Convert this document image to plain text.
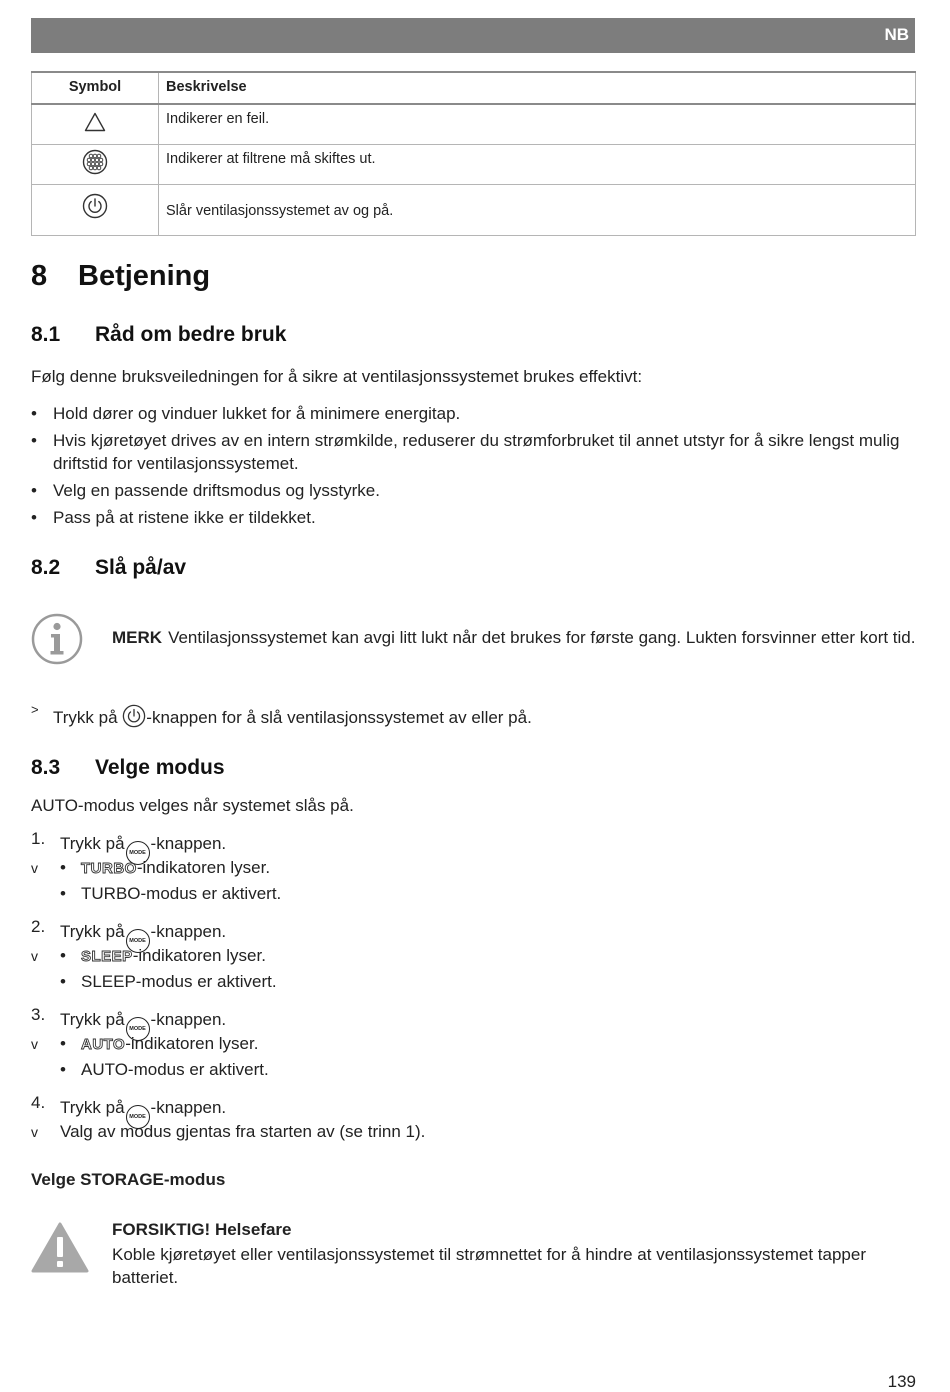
NB
Symbol	Beskrivelse
	Indikerer en feil.
	Indikerer at filtrene må skiftes ut.
	Slår ventilasjonssystemet av og på.
8 Betjening
8.1 Råd om bedre bruk
Følg denne bruksveiledningen for å sikre at ventilasjonssystemet brukes effektivt:
• Hold dører og vinduer lukket for å minimere energitap.
• Hvis kjøretøyet drives av en intern strømkilde, reduserer du strømforbruket til annet utstyr for å sikre lengst mulig driftstid for ventilasjonssystemet.
• Velg en passende driftsmodus og lysstyrke.
• Pass på at ristene ikke er tildekket.
8.2 Slå på/av
MERK Ventilasjonssystemet kan avgi litt lukt når det brukes for første gang. Lukten forsvinner etter kort tid.
> Trykk på -knappen for å slå ventilasjonssystemet av eller på.
8.3 Velge modus
AUTO-modus velges når systemet slås på.
1. Trykk på MODE -knappen.
v • TURBO-indikatoren lyser.
• TURBO-modus er aktivert.
2. Trykk på MODE -knappen.
v • SLEEP-indikatoren lyser.
• SLEEP-modus er aktivert.
3. Trykk på MODE -knappen.
v • AUTO-indikatoren lyser.
• AUTO-modus er aktivert.
4. Trykk på MODE -knappen.
v Valg av modus gjentas fra starten av (se trinn 1).
Velge STORAGE-modus
FORSIKTIG! Helsefare
Koble kjøretøyet eller ventilasjonssystemet til strømnettet for å hindre at ventilasjonssystemet tapper batteriet.
139
